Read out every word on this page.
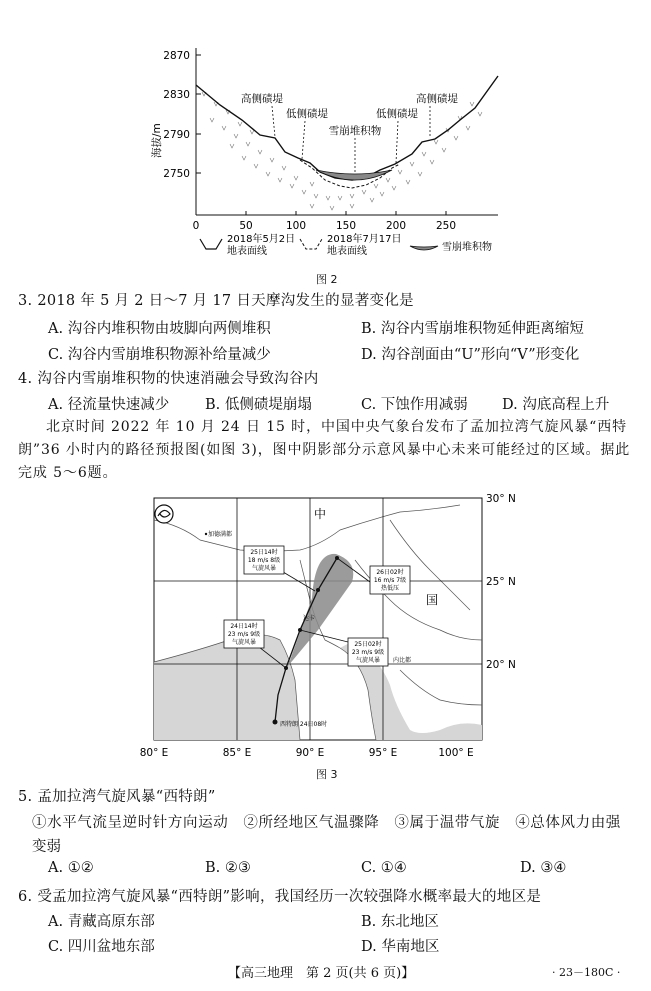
2870
2830
2790
2750
海拔/m
0	50	100	150	200	250
高侧碛堤
低侧碛堤
雪崩堆积物
低侧碛堤
高侧碛堤
2018年5月2日
地表面线
2018年7月17日
地表面线	雪崩堆积物
图 2
3. 2018 年 5 月 2 日～7 月 17 日天摩沟发生的显著变化是
A. 沟谷内堆积物由坡脚向两侧堆积	B. 沟谷内雪崩堆积物延伸距离缩短
C. 沟谷内雪崩堆积物源补给量减少	D. 沟谷剖面由“U”形向“V”形变化
4. 沟谷内雪崩堆积物的快速消融会导致沟谷内
A. 径流量快速减少 B. 低侧碛堤崩塌	C. 下蚀作用减弱 D. 沟底高程上升
北京时间 2022 年 10 月 24 日 15 时，中国中央气象台发布了孟加拉湾气旋风暴“西特朗”36 小时内的路径预报图(如图 3)，图中阴影部分示意风暴中心未来可能经过的区域。据此完成 5～6题。
25日14时
18 m/s 8级
气旋风暴
26日02时
16 m/s 7级
热低压
24日14时
23 m/s 9级
气旋风暴	25日02时
23 m/s 9级
气旋风暴
中
国
加德满都
达卡
内比都
西特朗 24日08时
30° N
25° N
20° N
80° E	85° E	90° E	95° E	100° E
图 3
5. 孟加拉湾气旋风暴“西特朗”
①水平气流呈逆时针方向运动　②所经地区气温骤降　③属于温带气旋　④总体风力由强
变弱
A. ①②	B. ②③	C. ①④	D. ③④
6. 受孟加拉湾气旋风暴“西特朗”影响，我国经历一次较强降水概率最大的地区是
A. 青藏高原东部	B. 东北地区
C. 四川盆地东部	D. 华南地区
【高三地理　第 2 页(共 6 页)】	· 23－180C ·
